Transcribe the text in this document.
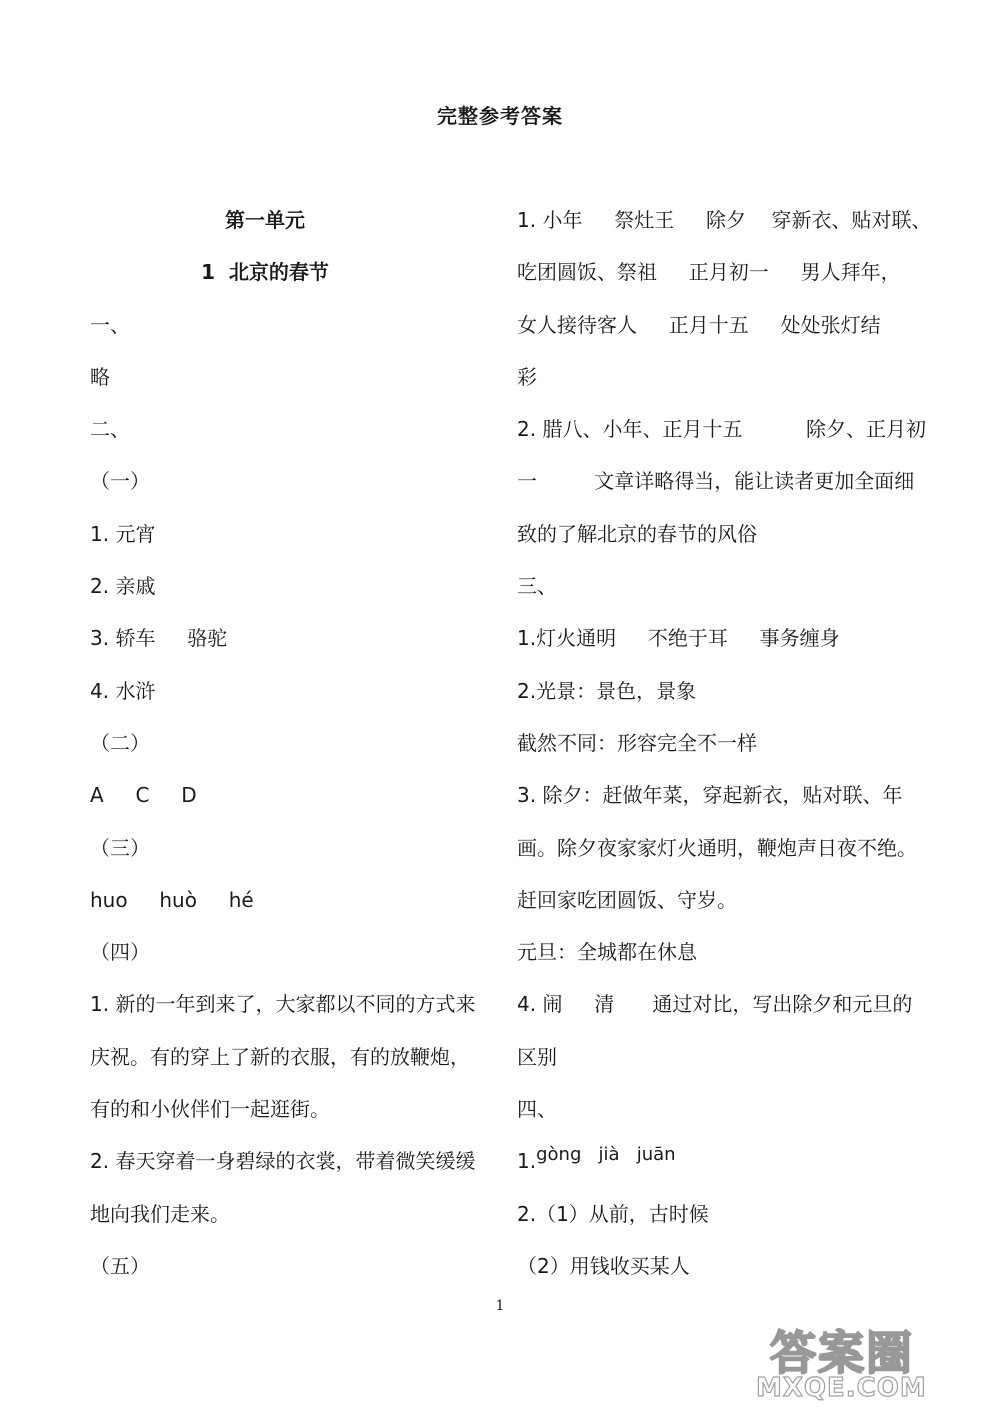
完整参考答案
第一单元
1  北京的春节
一、
略
二、
（一）
1. 元宵
2. 亲戚
3. 轿车     骆驼
4. 水浒
（二）
A     C     D
（三）
huo     huò     hé
（四）
1. 新的一年到来了，大家都以不同的方式来
庆祝。有的穿上了新的衣服，有的放鞭炮，
有的和小伙伴们一起逛街。
2. 春天穿着一身碧绿的衣裳，带着微笑缓缓
地向我们走来。
（五）
1. 小年     祭灶王     除夕    穿新衣、贴对联、
吃团圆饭、祭祖     正月初一     男人拜年，
女人接待客人     正月十五     处处张灯结
彩
2. 腊八、小年、正月十五          除夕、正月初
一         文章详略得当，能让读者更加全面细
致的了解北京的春节的风俗
三、
1.灯火通明     不绝于耳     事务缠身
2.光景：景色，景象
截然不同：形容完全不一样
3. 除夕：赶做年菜，穿起新衣，贴对联、年
画。除夕夜家家灯火通明，鞭炮声日夜不绝。
赶回家吃团圆饭、守岁。
元旦：全城都在休息
4. 闹     清      通过对比，写出除夕和元旦的
区别
四、
1.gòng   jià   juān
2.（1）从前，古时候
（2）用钱收买某人
1
答案圈
MXQE.COM
